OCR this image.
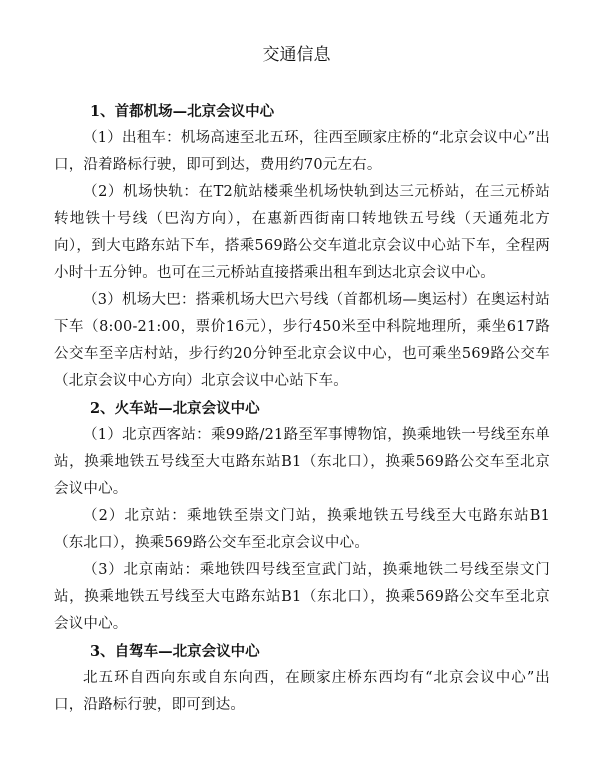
交通信息

1、首都机场—北京会议中心

（1）出租车：机场高速至北五环，往西至顾家庄桥的“北京会议中心”出口，沿着路标行驶，即可到达，费用约70元左右。

（2）机场快轨：在T2航站楼乘坐机场快轨到达三元桥站，在三元桥站转地铁十号线（巴沟方向），在惠新西街南口转地铁五号线（天通苑北方向），到大屯路东站下车，搭乘569路公交车道北京会议中心站下车，全程两小时十五分钟。也可在三元桥站直接搭乘出租车到达北京会议中心。

（3）机场大巴：搭乘机场大巴六号线（首都机场—奥运村）在奥运村站下车（8:00-21:00，票价16元），步行450米至中科院地理所，乘坐617路公交车至辛店村站，步行约20分钟至北京会议中心，也可乘坐569路公交车（北京会议中心方向）北京会议中心站下车。

2、火车站—北京会议中心

（1）北京西客站：乘99路/21路至军事博物馆，换乘地铁一号线至东单站，换乘地铁五号线至大屯路东站B1（东北口），换乘569路公交车至北京会议中心。

（2）北京站：乘地铁至崇文门站，换乘地铁五号线至大屯路东站B1（东北口），换乘569路公交车至北京会议中心。

（3）北京南站：乘地铁四号线至宣武门站，换乘地铁二号线至崇文门站，换乘地铁五号线至大屯路东站B1（东北口），换乘569路公交车至北京会议中心。

3、自驾车—北京会议中心

北五环自西向东或自东向西，在顾家庄桥东西均有“北京会议中心”出口，沿路标行驶，即可到达。
